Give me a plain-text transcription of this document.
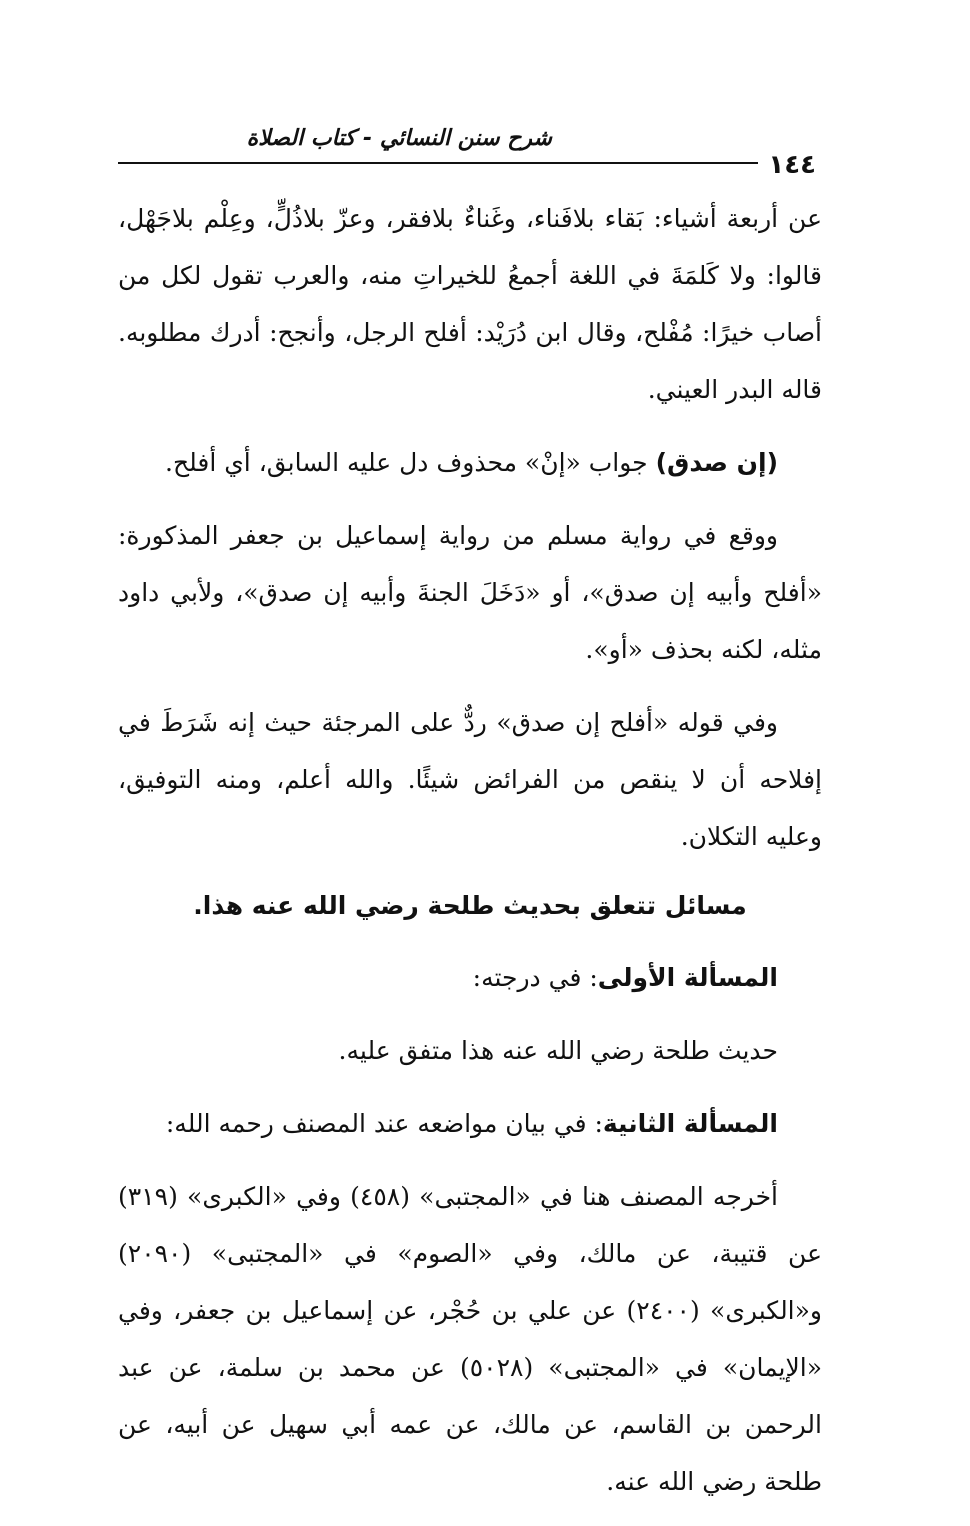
شرح سنن النسائي - كتاب الصلاة
١٤٤

عن أربعة أشياء: بَقاء بلافَناء، وغَناءٌ بلافقر، وعزّ بلاذُلٍّ، وعِلْم بلاجَهْل، قالوا: ولا كَلمَةَ في اللغة أجمعُ للخيراتِ منه، والعرب تقول لكل من أصاب خيرًا: مُفْلح، وقال ابن دُرَيْد: أفلح الرجل، وأنجح: أدرك مطلوبه. قاله البدر العيني.

(إن صدق) جواب «إنْ» محذوف دل عليه السابق، أي أفلح.

ووقع في رواية مسلم من رواية إسماعيل بن جعفر المذكورة: «أفلح وأبيه إن صدق»، أو «دَخَلَ الجنةَ وأبيه إن صدق»، ولأبي داود مثله، لكنه بحذف «أو».

وفي قوله «أفلح إن صدق» ردٌّ على المرجئة حيث إنه شَرَطَ في إفلاحه أن لا ينقص من الفرائض شيئًا. والله أعلم، ومنه التوفيق، وعليه التكلان.

مسائل تتعلق بحديث طلحة رضي الله عنه هذا.

المسألة الأولى: في درجته:

حديث طلحة رضي الله عنه هذا متفق عليه.

المسألة الثانية: في بيان مواضعه عند المصنف رحمه الله:

أخرجه المصنف هنا في «المجتبى» (٤٥٨) وفي «الكبرى» (٣١٩) عن قتيبة، عن مالك، وفي «الصوم» في «المجتبى» (٢٠٩٠) و«الكبرى» (٢٤٠٠) عن علي بن حُجْر، عن إسماعيل بن جعفر، وفي «الإيمان» في «المجتبى» (٥٠٢٨) عن محمد بن سلمة، عن عبد الرحمن بن القاسم، عن مالك، عن عمه أبي سهيل عن أبيه، عن طلحة رضي الله عنه.
